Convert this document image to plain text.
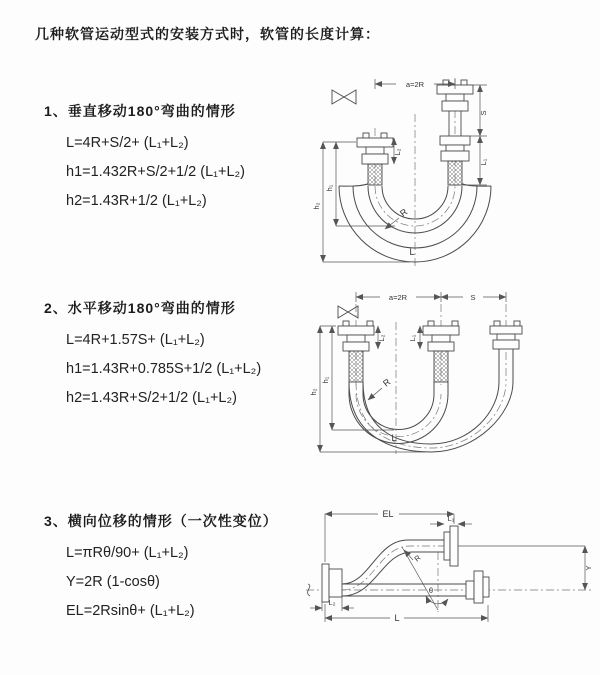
几种软管运动型式的安装方式时，软管的长度计算：
1、垂直移动180°弯曲的情形
L=4R+S/2+ (L₁+L₂)
h1=1.432R+S/2+1/2 (L₁+L₂)
h2=1.43R+1/2 (L₁+L₂)
2、水平移动180°弯曲的情形
L=4R+1.57S+ (L₁+L₂)
h1=1.43R+0.785S+1/2 (L₁+L₂)
h2=1.43R+S/2+1/2 (L₁+L₂)
3、横向位移的情形（一次性变位）
L=πRθ/90+ (L₁+L₂)
Y=2R (1-cosθ)
EL=2Rsinθ+ (L₁+L₂)
a=2R
h₂
h₁
S
L₁
L₂
R
L
a=2R	S
h₂
h₁
L₂	L₁
R
L
EL	L₁
Y
θ
R
L
L₂
